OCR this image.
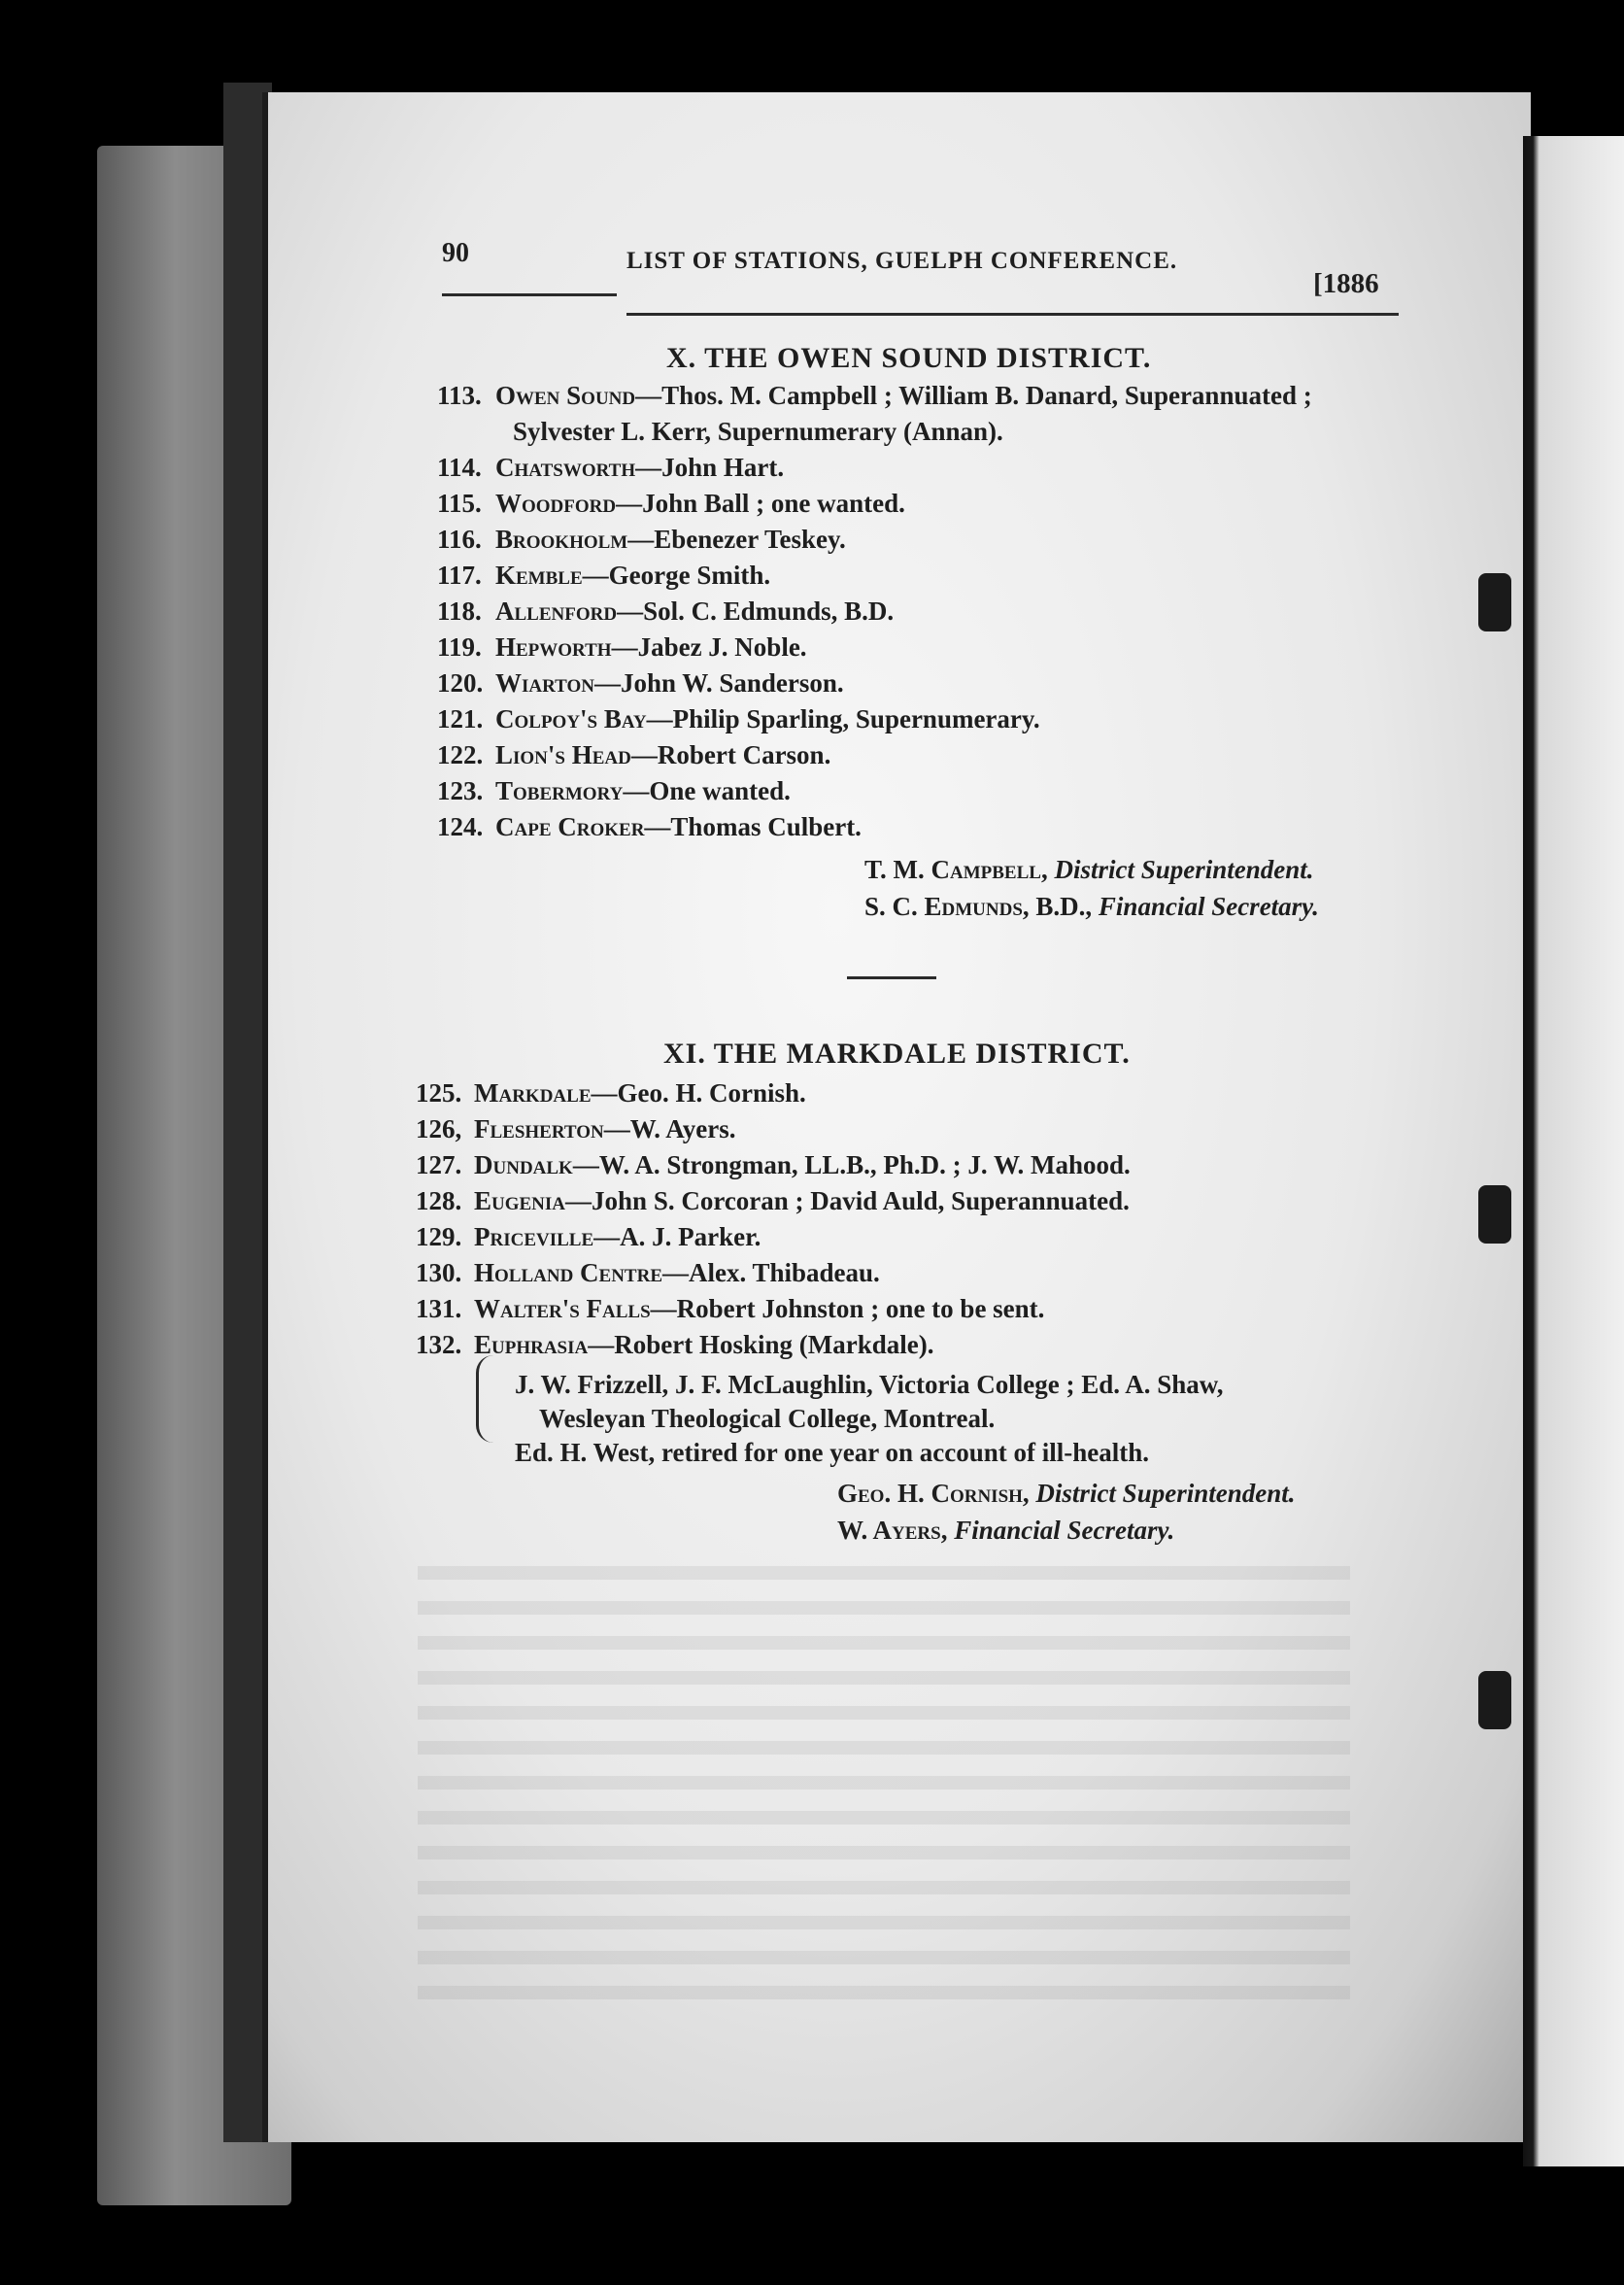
90	LIST OF STATIONS, GUELPH CONFERENCE.
[1886
X. THE OWEN SOUND DISTRICT.
113. Owen Sound—Thos. M. Campbell ; William B. Danard, Superannuated ;
Sylvester L. Kerr, Supernumerary (Annan).
114. Chatsworth—John Hart.
115. Woodford—John Ball ; one wanted.
116. Brookholm—Ebenezer Teskey.
117. Kemble—George Smith.
118. Allenford—Sol. C. Edmunds, B.D.
119. Hepworth—Jabez J. Noble.
120. Wiarton—John W. Sanderson.
121. Colpoy's Bay—Philip Sparling, Supernumerary.
122. Lion's Head—Robert Carson.
123. Tobermory—One wanted.
124. Cape Croker—Thomas Culbert.
T. M. Campbell, District Superintendent.
S. C. Edmunds, B.D., Financial Secretary.
XI. THE MARKDALE DISTRICT.
125. Markdale—Geo. H. Cornish.
126, Flesherton—W. Ayers.
127. Dundalk—W. A. Strongman, LL.B., Ph.D. ; J. W. Mahood.
128. Eugenia—John S. Corcoran ; David Auld, Superannuated.
129. Priceville—A. J. Parker.
130. Holland Centre—Alex. Thibadeau.
131. Walter's Falls—Robert Johnston ; one to be sent.
132. Euphrasia—Robert Hosking (Markdale).
J. W. Frizzell, J. F. McLaughlin, Victoria College ; Ed. A. Shaw,
Wesleyan Theological College, Montreal.
Ed. H. West, retired for one year on account of ill-health.
Geo. H. Cornish, District Superintendent.
W. Ayers, Financial Secretary.
